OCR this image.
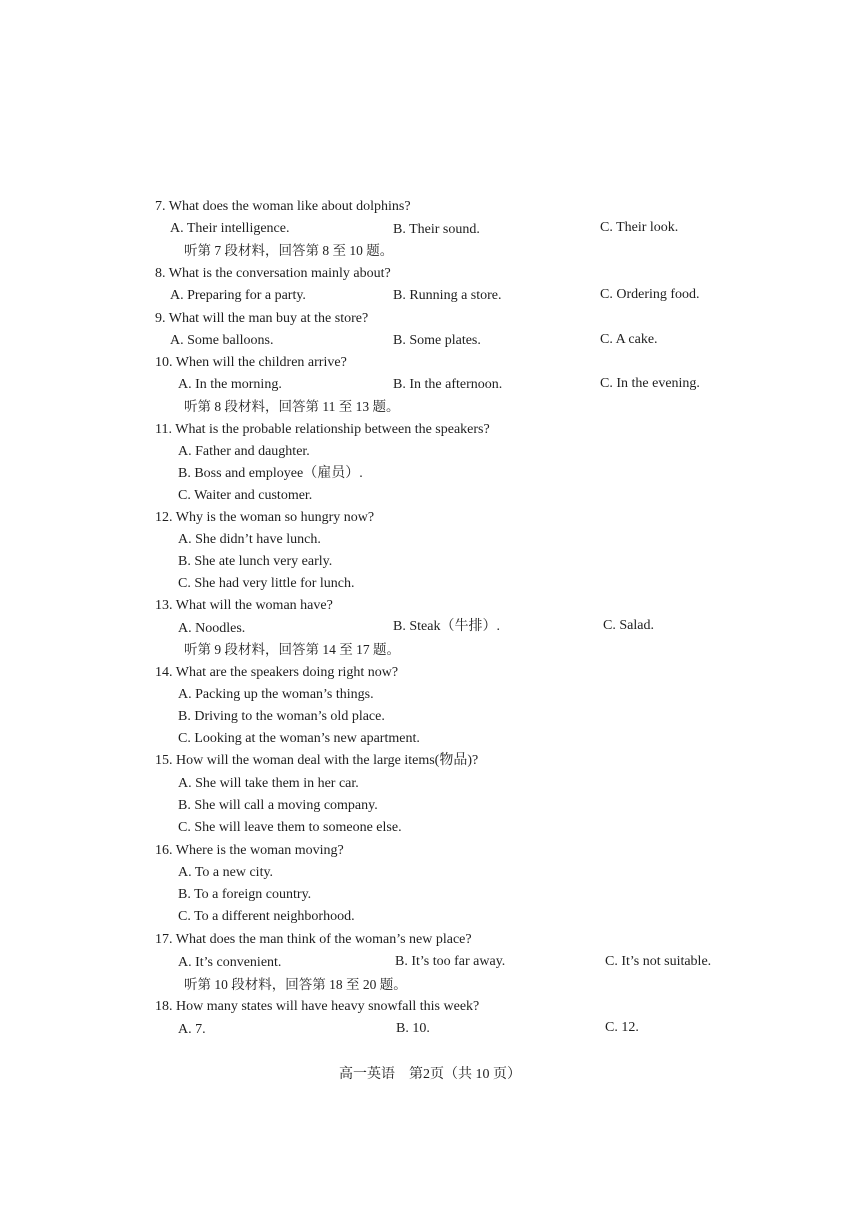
7. What does the woman like about dolphins?
A. Their intelligence.	B. Their sound.	C. Their look.
听第 7 段材料，回答第 8 至 10 题。
8. What is the conversation mainly about?
A. Preparing for a party.	B. Running a store.	C. Ordering food.
9. What will the man buy at the store?
A. Some balloons.	B. Some plates.	C. A cake.
10. When will the children arrive?
A. In the morning.	B. In the afternoon.	C. In the evening.
听第 8 段材料，回答第 11 至 13 题。
11. What is the probable relationship between the speakers?
A. Father and daughter.
B. Boss and employee（雇员）.
C. Waiter and customer.
12. Why is the woman so hungry now?
A. She didn’t have lunch.
B. She ate lunch very early.
C. She had very little for lunch.
13. What will the woman have?
A. Noodles.	B. Steak（牛排）.	C. Salad.
听第 9 段材料，回答第 14 至 17 题。
14. What are the speakers doing right now?
A. Packing up the woman’s things.
B. Driving to the woman’s old place.
C. Looking at the woman’s new apartment.
15. How will the woman deal with the large items(物品)?
A. She will take them in her car.
B. She will call a moving company.
C. She will leave them to someone else.
16. Where is the woman moving?
A. To a new city.
B. To a foreign country.
C. To a different neighborhood.
17. What does the man think of the woman’s new place?
A. It’s convenient.	B. It’s too far away.	C. It’s not suitable.
听第 10 段材料，回答第 18 至 20 题。
18. How many states will have heavy snowfall this week?
A. 7.	B. 10.	C. 12.
高一英语　第2页（共 10 页）
